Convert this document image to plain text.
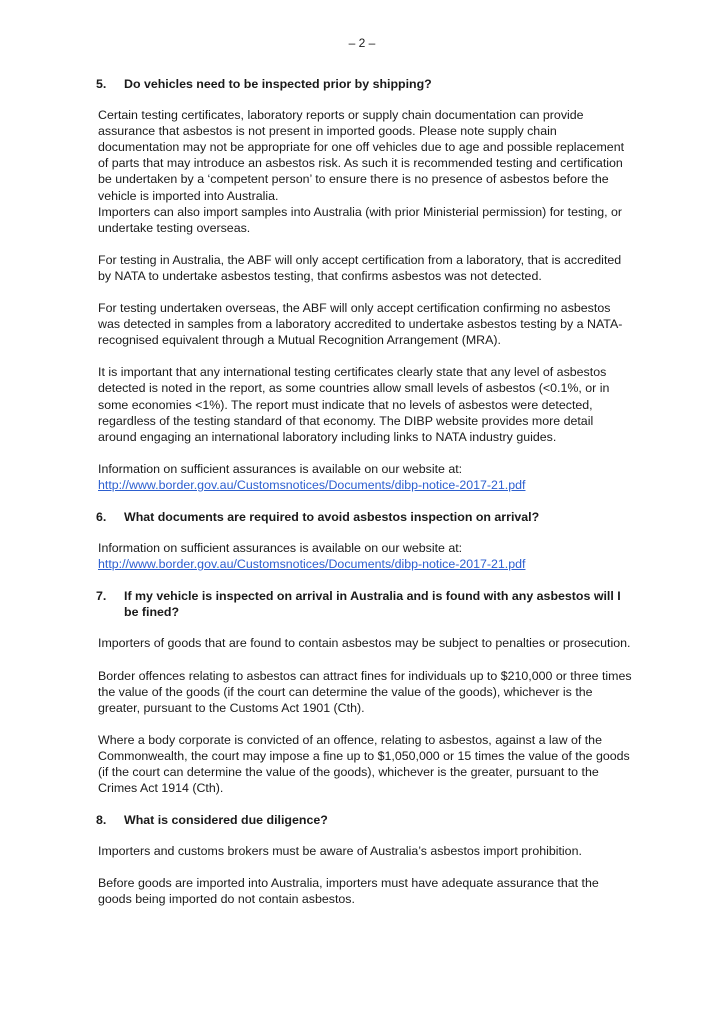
– 2 –
5.	Do vehicles need to be inspected prior by shipping?

Certain testing certificates, laboratory reports or supply chain documentation can provide assurance that asbestos is not present in imported goods. Please note supply chain documentation may not be appropriate for one off vehicles due to age and possible replacement of parts that may introduce an asbestos risk. As such it is recommended testing and certification be undertaken by a ‘competent person’ to ensure there is no presence of asbestos before the vehicle is imported into Australia.

Importers can also import samples into Australia (with prior Ministerial permission) for testing, or undertake testing overseas.

For testing in Australia, the ABF will only accept certification from a laboratory, that is accredited by NATA to undertake asbestos testing, that confirms asbestos was not detected.

For testing undertaken overseas, the ABF will only accept certification confirming no asbestos was detected in samples from a laboratory accredited to undertake asbestos testing by a NATA-recognised equivalent through a Mutual Recognition Arrangement (MRA).

It is important that any international testing certificates clearly state that any level of asbestos detected is noted in the report, as some countries allow small levels of asbestos (<0.1%, or in some economies <1%). The report must indicate that no levels of asbestos were detected, regardless of the testing standard of that economy. The DIBP website provides more detail around engaging an international laboratory including links to NATA industry guides.

Information on sufficient assurances is available on our website at:
http://www.border.gov.au/Customsnotices/Documents/dibp-notice-2017-21.pdf

6.	What documents are required to avoid asbestos inspection on arrival?

Information on sufficient assurances is available on our website at:
http://www.border.gov.au/Customsnotices/Documents/dibp-notice-2017-21.pdf

7.	If my vehicle is inspected on arrival in Australia and is found with any asbestos will I be fined?

Importers of goods that are found to contain asbestos may be subject to penalties or prosecution.

Border offences relating to asbestos can attract fines for individuals up to $210,000 or three times the value of the goods (if the court can determine the value of the goods), whichever is the greater, pursuant to the Customs Act 1901 (Cth).

Where a body corporate is convicted of an offence, relating to asbestos, against a law of the Commonwealth, the court may impose a fine up to $1,050,000 or 15 times the value of the goods (if the court can determine the value of the goods), whichever is the greater, pursuant to the Crimes Act 1914 (Cth).

8.	What is considered due diligence?

Importers and customs brokers must be aware of Australia’s asbestos import prohibition.

Before goods are imported into Australia, importers must have adequate assurance that the goods being imported do not contain asbestos.
